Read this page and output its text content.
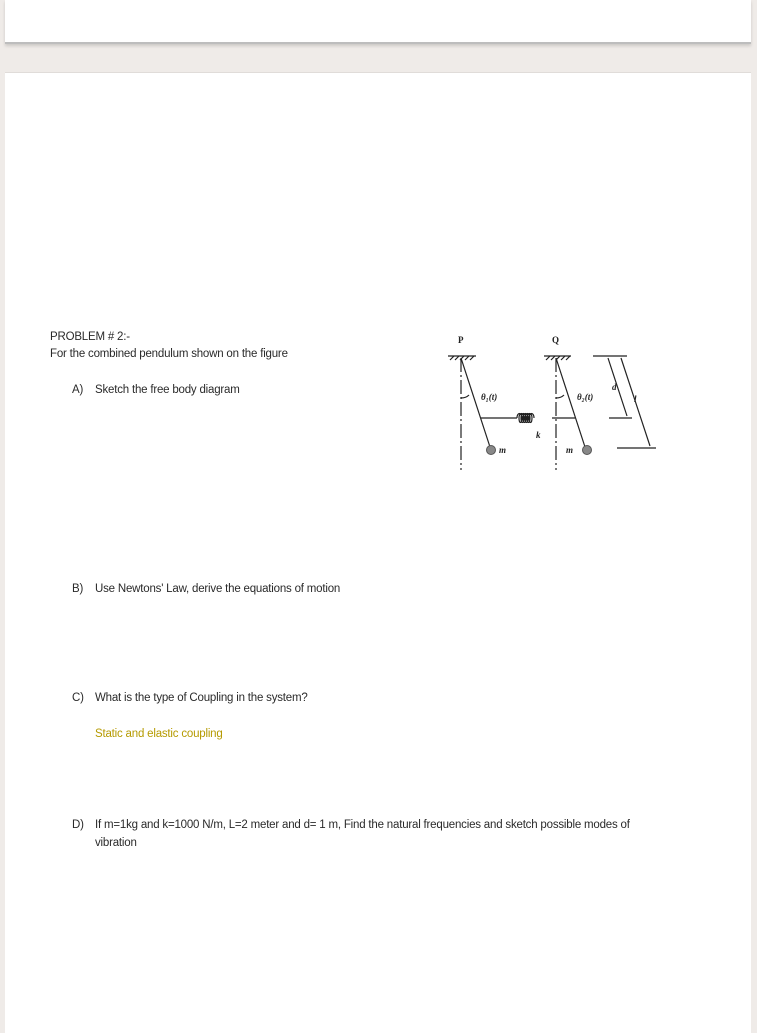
PROBLEM # 2:-
For the combined pendulum shown on the figure
A) Sketch the free body diagram
B) Use Newtons' Law, derive the equations of motion
C) What is the type of Coupling in the system?
Static and elastic coupling
D) If m=1kg and k=1000 N/m, L=2 meter and d= 1 m, Find the natural frequencies and sketch possible modes of
vibration
P	Q
θ₁(t)	θ₂(t)
k
m	m
d
l
